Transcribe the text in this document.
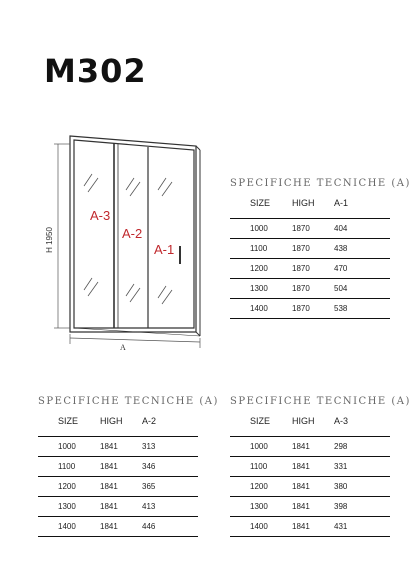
M302
H 1950
A
A-3
A-2
A-1
SPECIFICHE TECNICHE (A)
SIZE	HIGH	A-1
1000	1870	404
1100	1870	438
1200	1870	470
1300	1870	504
1400	1870	538
SPECIFICHE TECNICHE (A)
SIZE	HIGH	A-2
1000	1841	313
1100	1841	346
1200	1841	365
1300	1841	413
1400	1841	446
SPECIFICHE TECNICHE (A)
SIZE	HIGH	A-3
1000	1841	298
1100	1841	331
1200	1841	380
1300	1841	398
1400	1841	431
